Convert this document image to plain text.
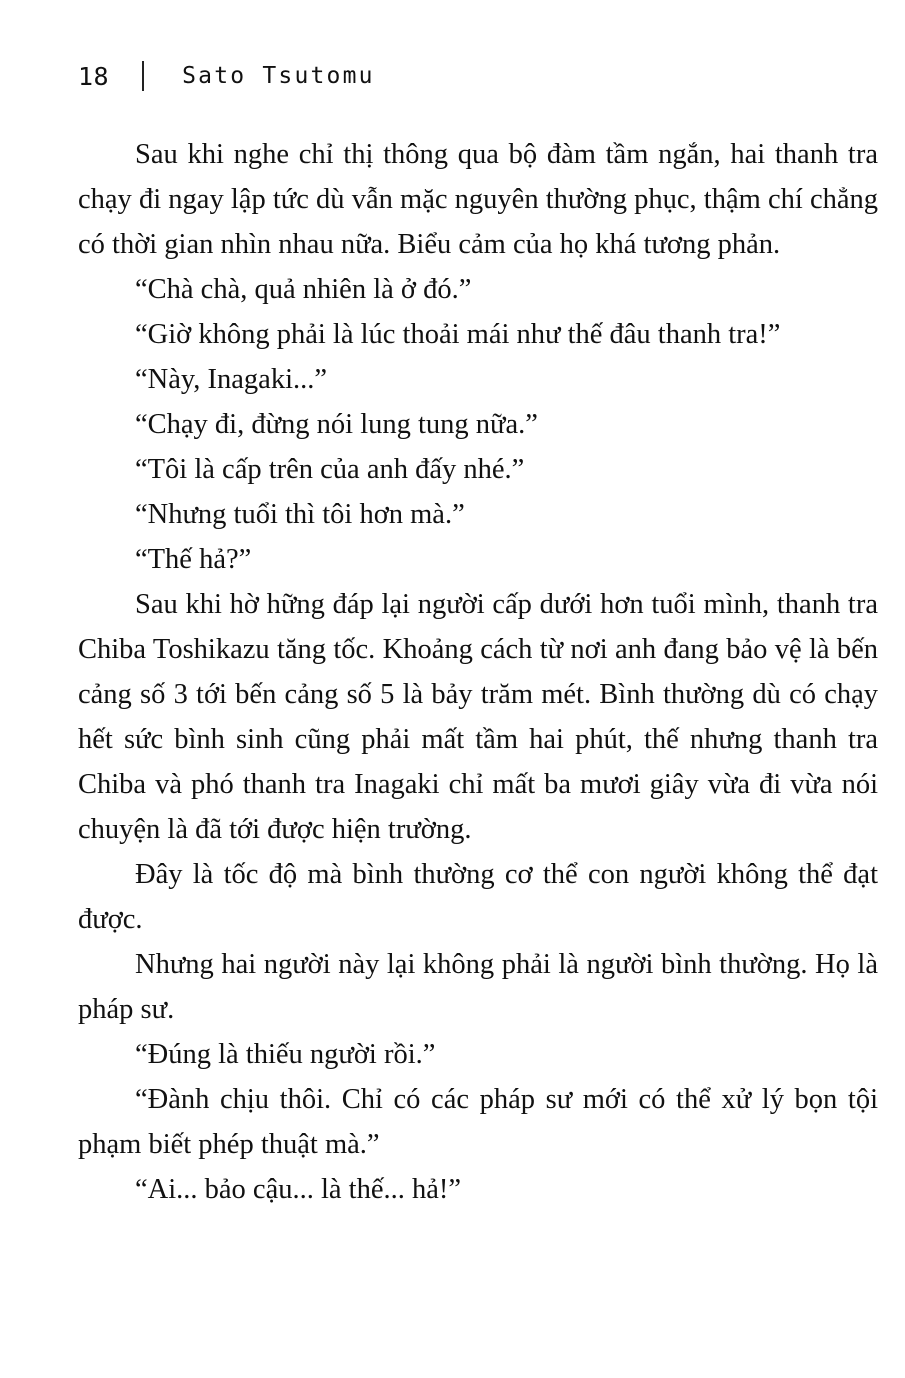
18	Sato Tsutomu

Sau khi nghe chỉ thị thông qua bộ đàm tầm ngắn, hai thanh tra chạy đi ngay lập tức dù vẫn mặc nguyên thường phục, thậm chí chẳng có thời gian nhìn nhau nữa. Biểu cảm của họ khá tương phản.

“Chà chà, quả nhiên là ở đó.”

“Giờ không phải là lúc thoải mái như thế đâu thanh tra!”

“Này, Inagaki...”

“Chạy đi, đừng nói lung tung nữa.”

“Tôi là cấp trên của anh đấy nhé.”

“Nhưng tuổi thì tôi hơn mà.”

“Thế hả?”

Sau khi hờ hững đáp lại người cấp dưới hơn tuổi mình, thanh tra Chiba Toshikazu tăng tốc. Khoảng cách từ nơi anh đang bảo vệ là bến cảng số 3 tới bến cảng số 5 là bảy trăm mét. Bình thường dù có chạy hết sức bình sinh cũng phải mất tầm hai phút, thế nhưng thanh tra Chiba và phó thanh tra Inagaki chỉ mất ba mươi giây vừa đi vừa nói chuyện là đã tới được hiện trường.

Đây là tốc độ mà bình thường cơ thể con người không thể đạt được.

Nhưng hai người này lại không phải là người bình thường. Họ là pháp sư.

“Đúng là thiếu người rồi.”

“Đành chịu thôi. Chỉ có các pháp sư mới có thể xử lý bọn tội phạm biết phép thuật mà.”

“Ai... bảo cậu... là thế... hả!”
